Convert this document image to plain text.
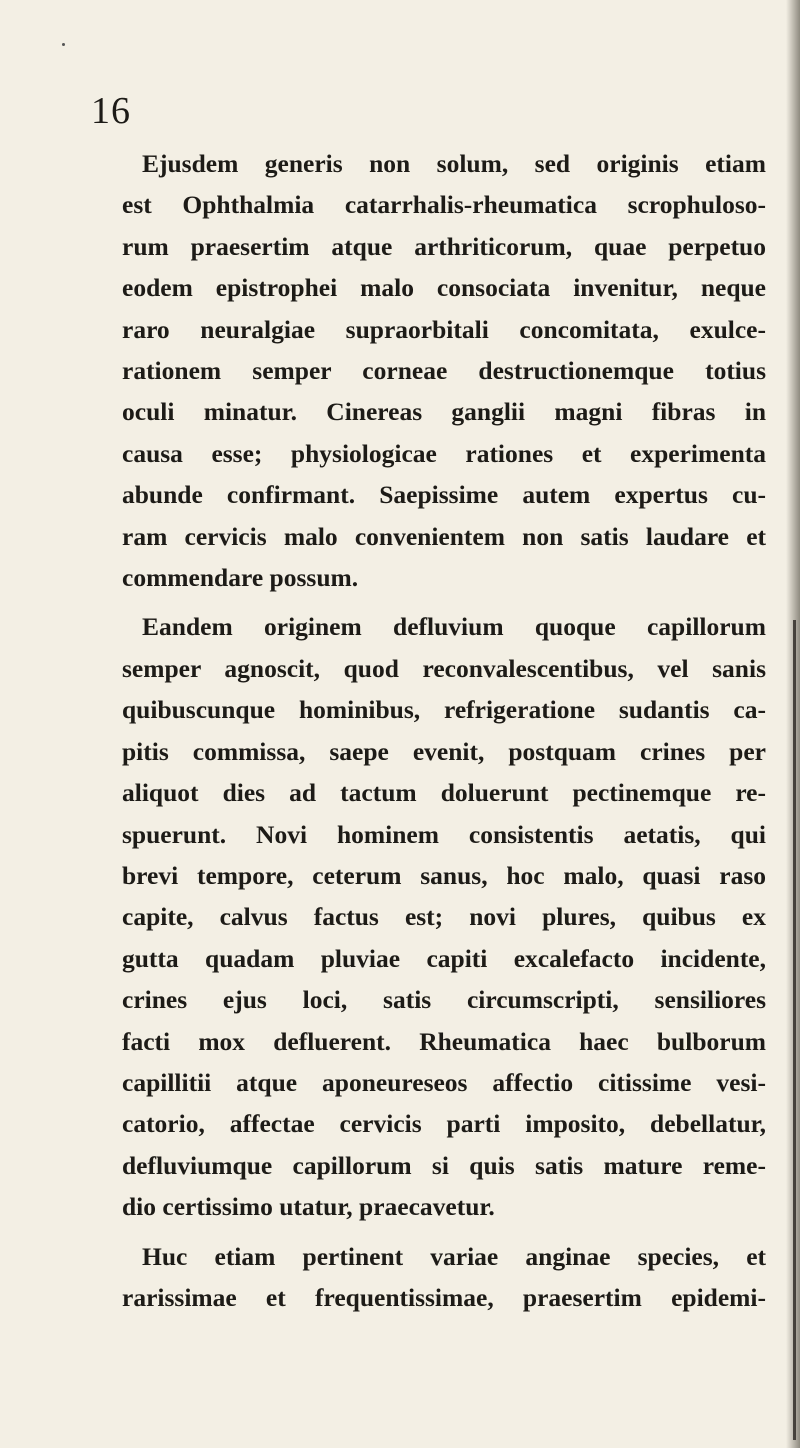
16

Ejusdem generis non solum, sed originis etiam
est Ophthalmia catarrhalis-rheumatica scrophuloso-
rum praesertim atque arthriticorum, quae perpetuo
eodem epistrophei malo consociata invenitur, neque
raro neuralgiae supraorbitali concomitata, exulce-
rationem semper corneae destructionemque totius
oculi minatur. Cinereas ganglii magni fibras in
causa esse; physiologicae rationes et experimenta
abunde confirmant. Saepissime autem expertus cu-
ram cervicis malo convenientem non satis laudare et
commendare possum.

Eandem originem defluvium quoque capillorum
semper agnoscit, quod reconvalescentibus, vel sanis
quibuscunque hominibus, refrigeratione sudantis ca-
pitis commissa, saepe evenit, postquam crines per
aliquot dies ad tactum doluerunt pectinemque re-
spuerunt. Novi hominem consistentis aetatis, qui
brevi tempore, ceterum sanus, hoc malo, quasi raso
capite, calvus factus est; novi plures, quibus ex
gutta quadam pluviae capiti excalefacto incidente,
crines ejus loci, satis circumscripti, sensiliores
facti mox defluerent. Rheumatica haec bulborum
capillitii atque aponeureseos affectio citissime vesi-
catorio, affectae cervicis parti imposito, debellatur,
defluviumque capillorum si quis satis mature reme-
dio certissimo utatur, praecavetur.

Huc etiam pertinent variae anginae species, et
rarissimae et frequentissimae, praesertim epidemi-
